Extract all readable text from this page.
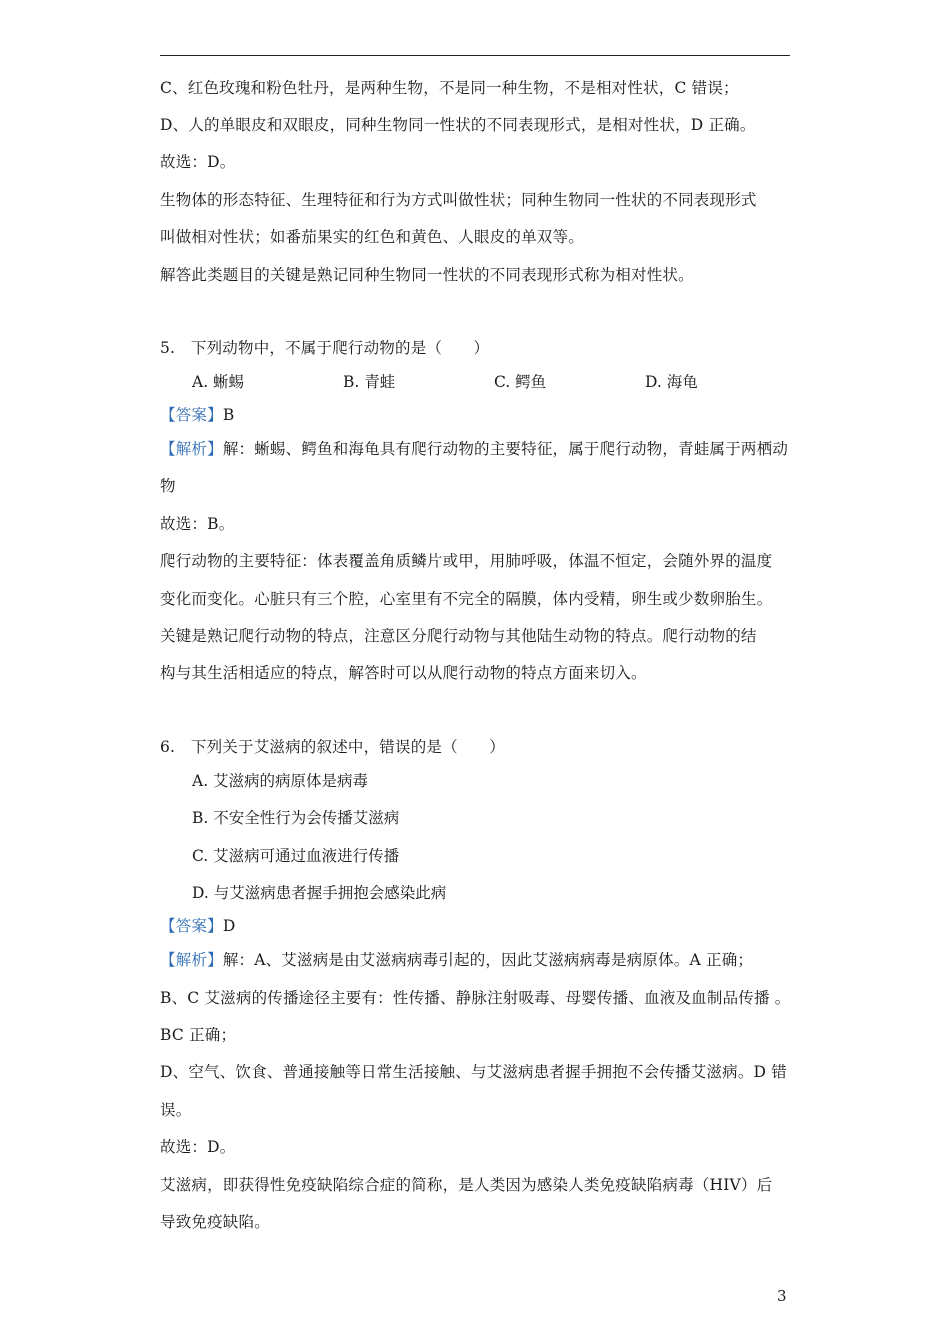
C、红色玫瑰和粉色牡丹，是两种生物，不是同一种生物，不是相对性状，C 错误；
D、人的单眼皮和双眼皮，同种生物同一性状的不同表现形式，是相对性状，D 正确。
故选：D。
生物体的形态特征、生理特征和行为方式叫做性状；同种生物同一性状的不同表现形式
叫做相对性状；如番茄果实的红色和黄色、人眼皮的单双等。
解答此类题目的关键是熟记同种生物同一性状的不同表现形式称为相对性状。
5.　下列动物中，不属于爬行动物的是（　　）
A. 蜥蜴	B. 青蛙	C. 鳄鱼	D. 海龟
【答案】B
【解析】解：蜥蜴、鳄鱼和海龟具有爬行动物的主要特征，属于爬行动物，青蛙属于两栖动
物
故选：B。
爬行动物的主要特征：体表覆盖角质鳞片或甲，用肺呼吸，体温不恒定，会随外界的温度
变化而变化。心脏只有三个腔，心室里有不完全的隔膜，体内受精，卵生或少数卵胎生。
关键是熟记爬行动物的特点，注意区分爬行动物与其他陆生动物的特点。爬行动物的结
构与其生活相适应的特点，解答时可以从爬行动物的特点方面来切入。
6.　下列关于艾滋病的叙述中，错误的是（　　）
A. 艾滋病的病原体是病毒
B. 不安全性行为会传播艾滋病
C. 艾滋病可通过血液进行传播
D. 与艾滋病患者握手拥抱会感染此病
【答案】D
【解析】解：A、艾滋病是由艾滋病病毒引起的，因此艾滋病病毒是病原体。A 正确；
B、C 艾滋病的传播途径主要有：性传播、静脉注射吸毒、母婴传播、血液及血制品传播 。
BC 正确；
D、空气、饮食、普通接触等日常生活接触、与艾滋病患者握手拥抱不会传播艾滋病。D 错
误。
故选：D。
艾滋病，即获得性免疫缺陷综合症的简称，是人类因为感染人类免疫缺陷病毒（HIV）后
导致免疫缺陷。
3
